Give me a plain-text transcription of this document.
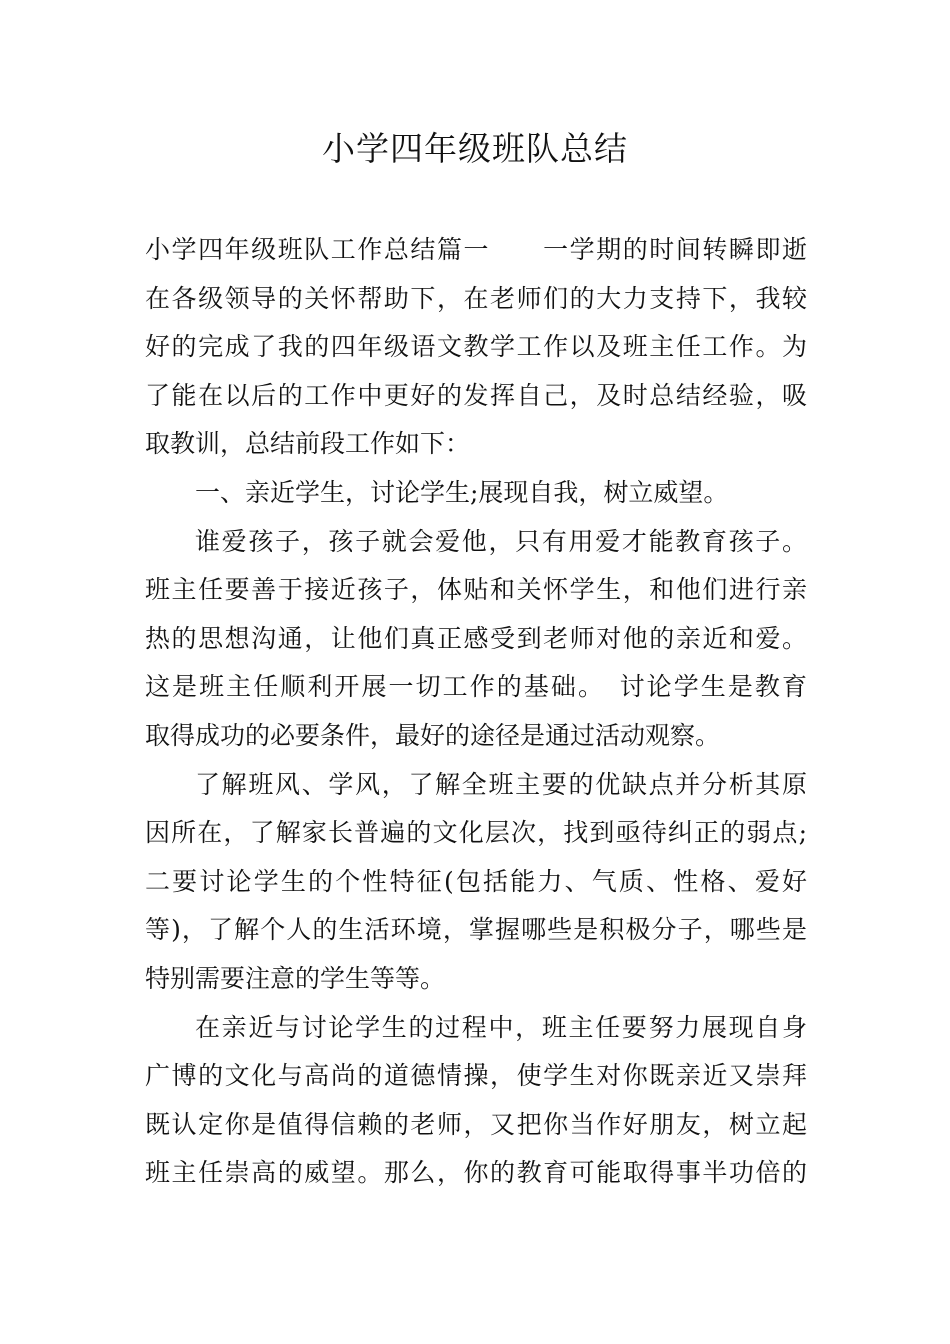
小学四年级班队总结
小学四年级班队工作总结篇一　　一学期的时间转瞬即逝
在各级领导的关怀帮助下，在老师们的大力支持下，我较
好的完成了我的四年级语文教学工作以及班主任工作。为
了能在以后的工作中更好的发挥自己，及时总结经验，吸
取教训，总结前段工作如下：
一、亲近学生，讨论学生;展现自我，树立威望。
谁爱孩子，孩子就会爱他，只有用爱才能教育孩子。
班主任要善于接近孩子，体贴和关怀学生，和他们进行亲
热的思想沟通，让他们真正感受到老师对他的亲近和爱。
这是班主任顺利开展一切工作的基础。　讨论学生是教育
取得成功的必要条件，最好的途径是通过活动观察。
了解班风、学风，了解全班主要的优缺点并分析其原
因所在，了解家长普遍的文化层次，找到亟待纠正的弱点;
二要讨论学生的个性特征(包括能力、气质、性格、爱好
等)，了解个人的生活环境，掌握哪些是积极分子，哪些是
特别需要注意的学生等等。
在亲近与讨论学生的过程中，班主任要努力展现自身
广博的文化与高尚的道德情操，使学生对你既亲近又崇拜
既认定你是值得信赖的老师，又把你当作好朋友，树立起
班主任崇高的威望。那么，你的教育可能取得事半功倍的
